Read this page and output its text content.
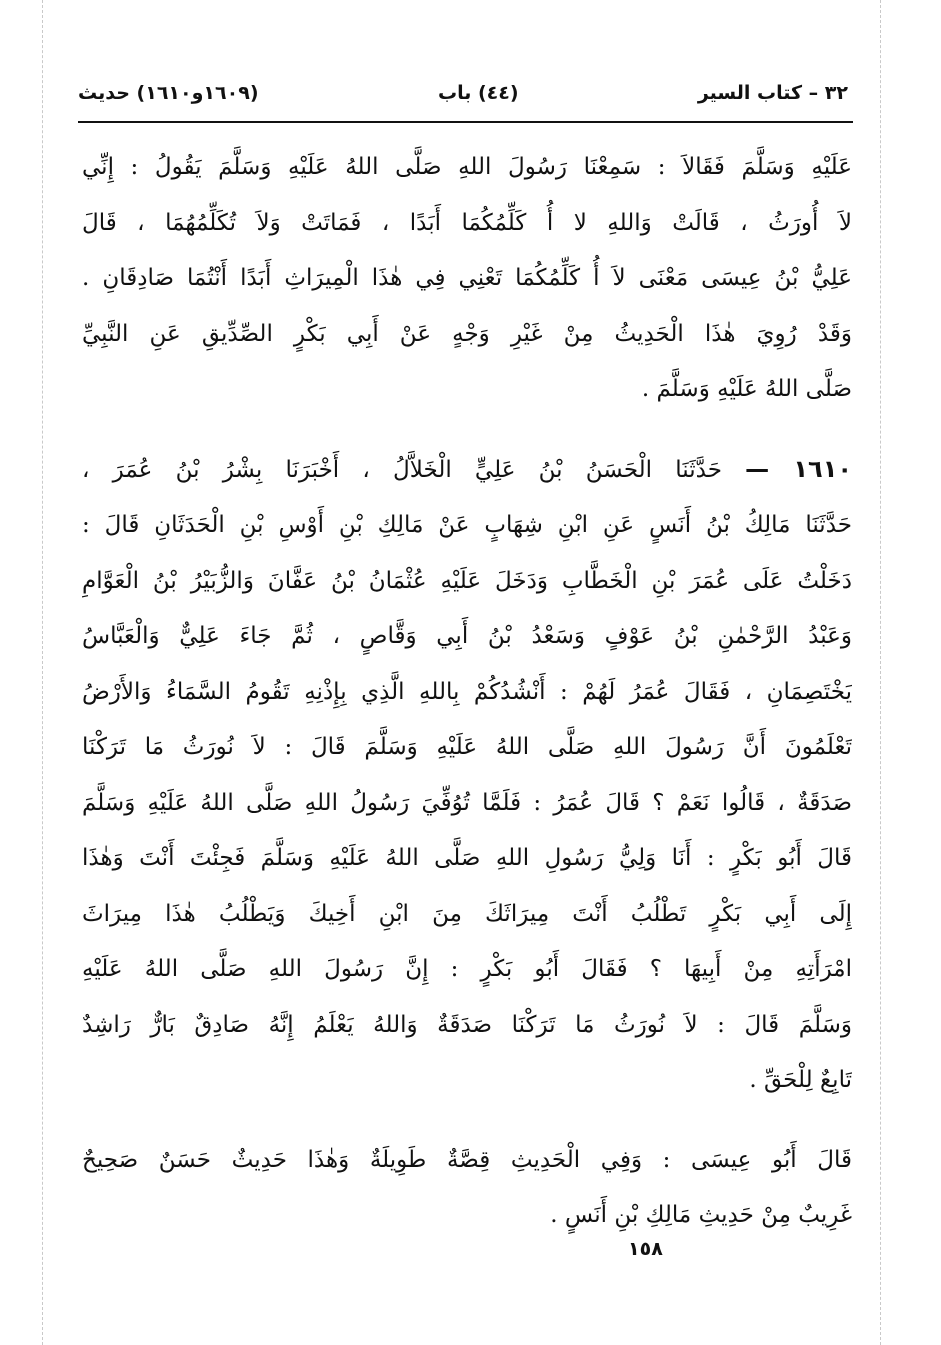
٣٢ – كتاب السير
(٤٤) باب
(١٦٠٩و١٦١٠) حديث
عَلَيْهِ وَسَلَّمَ فَقَالاَ : سَمِعْنَا رَسُولَ اللهِ صَلَّى اللهُ عَلَيْهِ وَسَلَّمَ يَقُولُ : إِنِّي
لاَ أُورَثُ ، قَالَتْ وَاللهِ لا أُ كَلِّمُكُمَا أَبَدًا ، فَمَاتَتْ وَلاَ تُكَلِّمُهُمَا ، قَالَ
عَلِيُّ بْنُ عِيسَى مَعْنَى لاَ أُ كَلِّمُكُمَا تَعْنِي فِي هٰذَا الْمِيرَاثِ أَبَدًا أَنْتُمَا صَادِقَانِ .
وَقَدْ رُوِيَ هٰذَا الْحَدِيثُ مِنْ غَيْرِ وَجْهٍ عَنْ أَبِي بَكْرٍ الصِّدِّيقِ عَنِ النَّبِيِّ
صَلَّى اللهُ عَلَيْهِ وَسَلَّمَ .
١٦١٠ — حَدَّثَنَا الْحَسَنُ بْنُ عَلِيٍّ الْخَلاَّلُ ، أَخْبَرَنَا بِشْرُ بْنُ عُمَرَ ،
حَدَّثَنَا مَالِكُ بْنُ أَنَسٍ عَنِ ابْنِ شِهَابٍ عَنْ مَالِكِ بْنِ أَوْسِ بْنِ الْحَدَثَانِ قَالَ :
دَخَلْتُ عَلَى عُمَرَ بْنِ الْخَطَّابِ وَدَخَلَ عَلَيْهِ عُثْمَانُ بْنُ عَفَّانَ وَالزُّبَيْرُ بْنُ الْعَوَّامِ
وَعَبْدُ الرَّحْمٰنِ بْنُ عَوْفٍ وَسَعْدُ بْنُ أَبِي وَقَّاصٍ ، ثُمَّ جَاءَ عَلِيٌّ وَالْعَبَّاسُ
يَخْتَصِمَانِ ، فَقَالَ عُمَرُ لَهُمْ : أَنْشُدُكُمْ بِاللهِ الَّذِي بِإِذْنِهِ تَقُومُ السَّمَاءُ وَالأَرْضُ
تَعْلَمُونَ أَنَّ رَسُولَ اللهِ صَلَّى اللهُ عَلَيْهِ وَسَلَّمَ قَالَ : لاَ نُورَثُ مَا تَرَكْنَا
صَدَقَةٌ ، قَالُوا نَعَمْ ؟ قَالَ عُمَرُ : فَلَمَّا تُوُفِّيَ رَسُولُ اللهِ صَلَّى اللهُ عَلَيْهِ وَسَلَّمَ
قَالَ أَبُو بَكْرٍ : أَنَا وَلِيُّ رَسُولِ اللهِ صَلَّى اللهُ عَلَيْهِ وَسَلَّمَ فَجِئْتَ أَنْتَ وَهٰذَا
إِلَى أَبِي بَكْرٍ تَطْلُبُ أَنْتَ مِيرَاثَكَ مِنَ ابْنِ أَخِيكَ وَيَطْلُبُ هٰذَا مِيرَاثَ
امْرَأَتِهِ مِنْ أَبِيهَا ؟ فَقَالَ أَبُو بَكْرٍ : إِنَّ رَسُولَ اللهِ صَلَّى اللهُ عَلَيْهِ
وَسَلَّمَ قَالَ : لاَ نُورَثُ مَا تَرَكْنَا صَدَقَةٌ وَاللهُ يَعْلَمُ إِنَّهُ صَادِقٌ بَارٌّ رَاشِدٌ
تَابِعٌ لِلْحَقِّ .
قَالَ أَبُو عِيسَى : وَفِي الْحَدِيثِ قِصَّةٌ طَوِيلَةٌ وَهٰذَا حَدِيثٌ حَسَنٌ صَحِيحٌ
غَرِيبٌ مِنْ حَدِيثِ مَالِكِ بْنِ أَنَسٍ .
١٥٨
